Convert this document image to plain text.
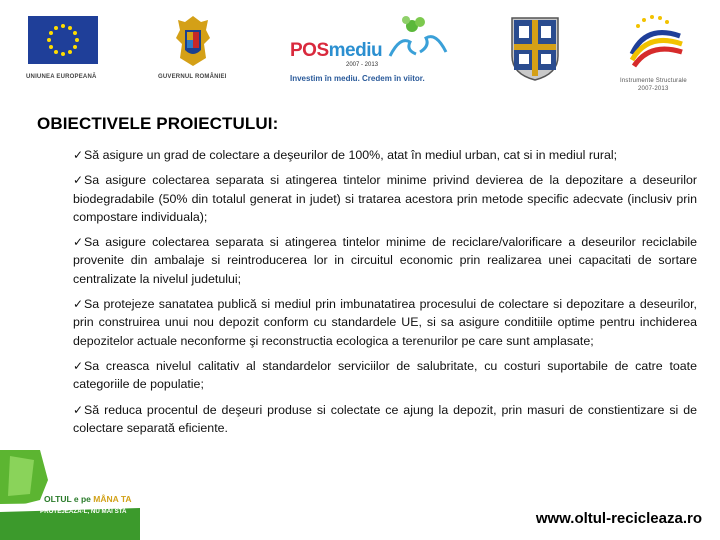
UNIUNEA EUROPEANĂ	GUVERNUL ROMÂNIEI
POSmediu
2007 - 2013
Investim în mediu. Credem în viitor.	Instrumente Structurale
2007-2013
OBIECTIVELE PROIECTULUI:
✓Să asigure un grad de colectare a deşeurilor de 100%, atat în mediul urban, cat si in mediul rural;
✓Sa asigure colectarea separata si atingerea tintelor minime privind devierea de la depozitare a deseurilor biodegradabile (50% din totalul generat in judet) si tratarea acestora prin metode specific adecvate (inclusiv prin compostare individuala);
✓Sa asigure colectarea separata si atingerea tintelor minime de reciclare/valorificare a deseurilor reciclabile provenite din ambalaje si reintroducerea lor in circuitul economic prin realizarea unei capacitati de sortare centralizate la nivelul judetului;
✓Sa protejeze sanatatea publică si mediul prin imbunatatirea procesului de colectare si depozitare a deseurilor, prin construirea unui nou depozit conform cu standardele UE, si sa asigure conditiile optime pentru inchiderea depozitelor actuale neconforme şi reconstructia ecologica a terenurilor pe care sunt amplasate;
✓Sa creasca nivelul calitativ al standardelor serviciilor de salubritate, cu costuri suportabile de catre toate categoriile de populatie;
✓Să reduca procentul de deşeuri produse si colectate ce ajung la depozit, prin masuri de constientizare si de colectare separată eficiente.
OLTUL e pe MÂNA TA
PROTEJEAZĂ-L, NU MAI STA	www.oltul-recicleaza.ro
